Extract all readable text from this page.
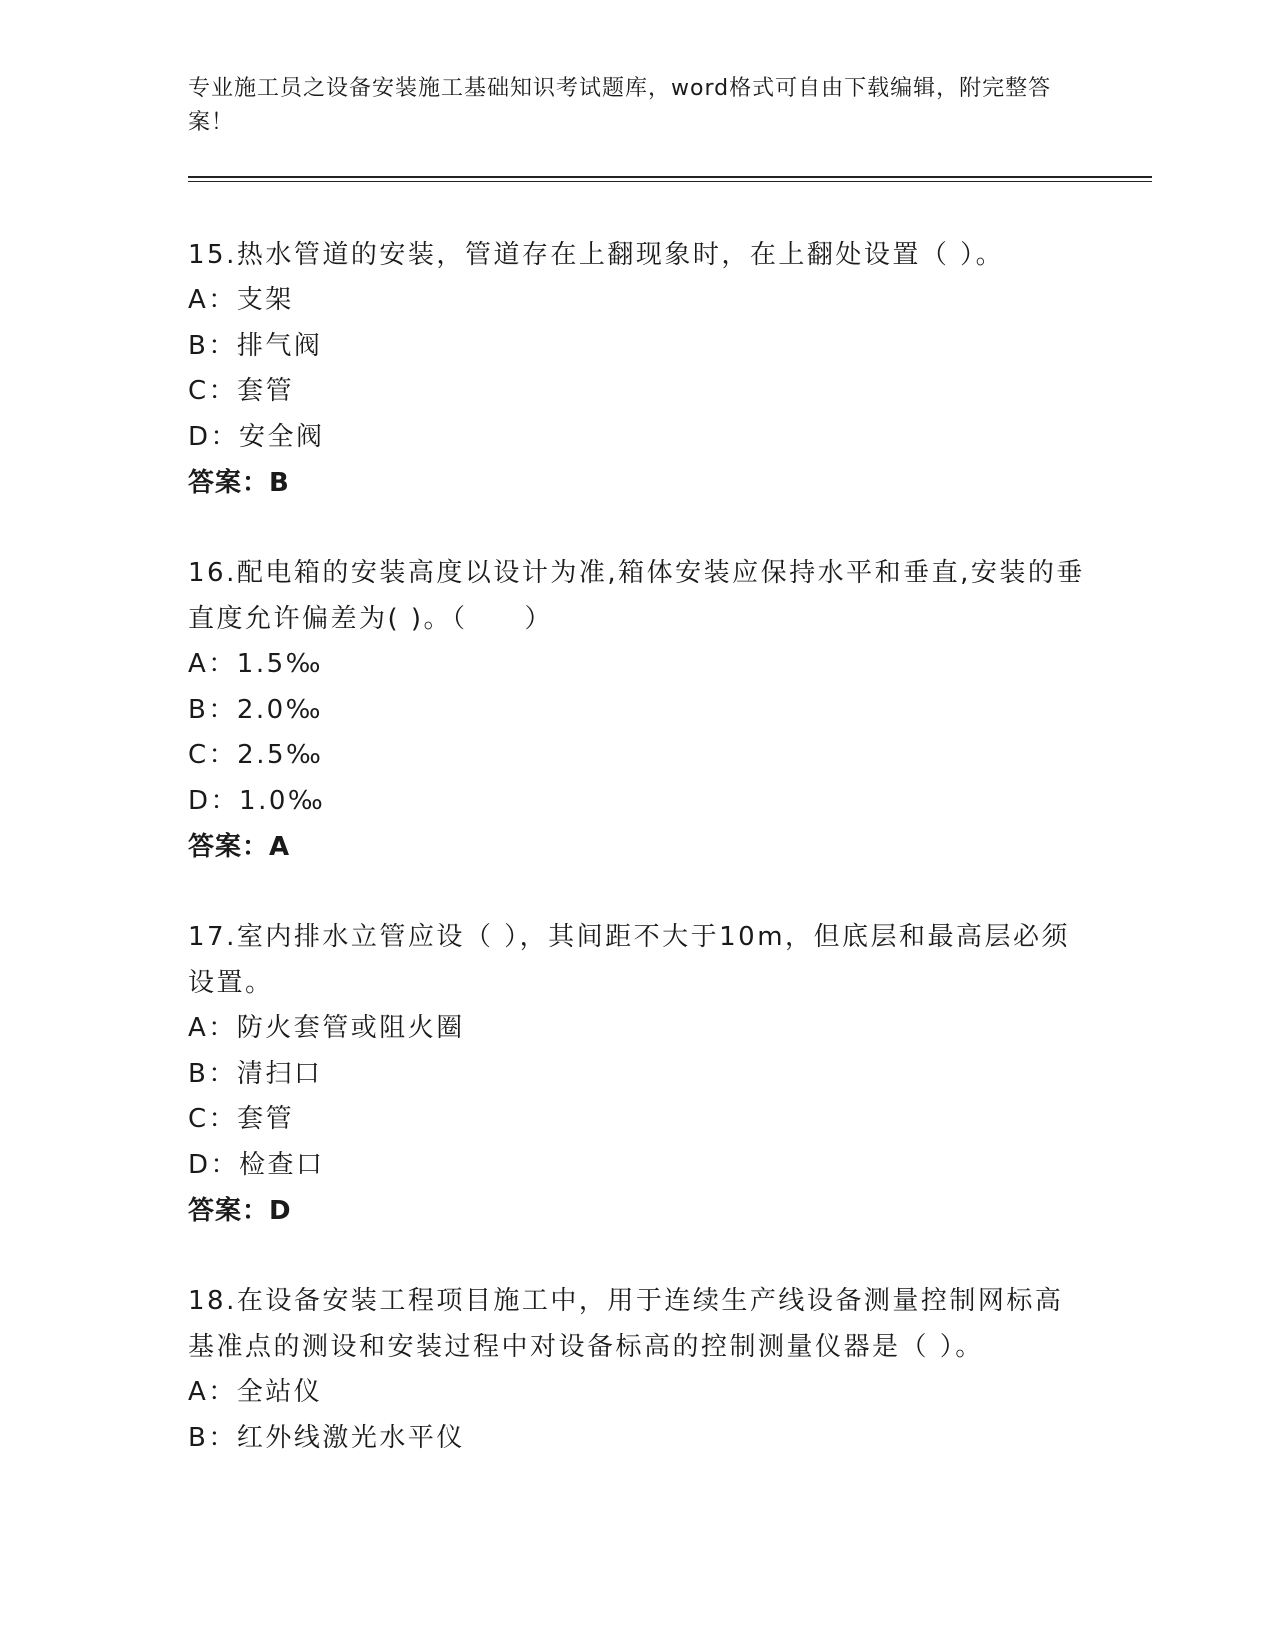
专业施工员之设备安装施工基础知识考试题库，word格式可自由下载编辑，附完整答案！

15.热水管道的安装，管道存在上翻现象时，在上翻处设置（ ）。

A：支架

B：排气阀

C：套管

D：安全阀

答案：B

16.配电箱的安装高度以设计为准,箱体安装应保持水平和垂直,安装的垂直度允许偏差为( )。（　　）

A：1.5‰

B：2.0‰

C：2.5‰

D：1.0‰

答案：A

17.室内排水立管应设（ ），其间距不大于10m，但底层和最高层必须设置。

A：防火套管或阻火圈

B：清扫口

C：套管

D：检查口

答案：D

18.在设备安装工程项目施工中，用于连续生产线设备测量控制网标高基准点的测设和安装过程中对设备标高的控制测量仪器是（ ）。

A：全站仪

B：红外线激光水平仪
